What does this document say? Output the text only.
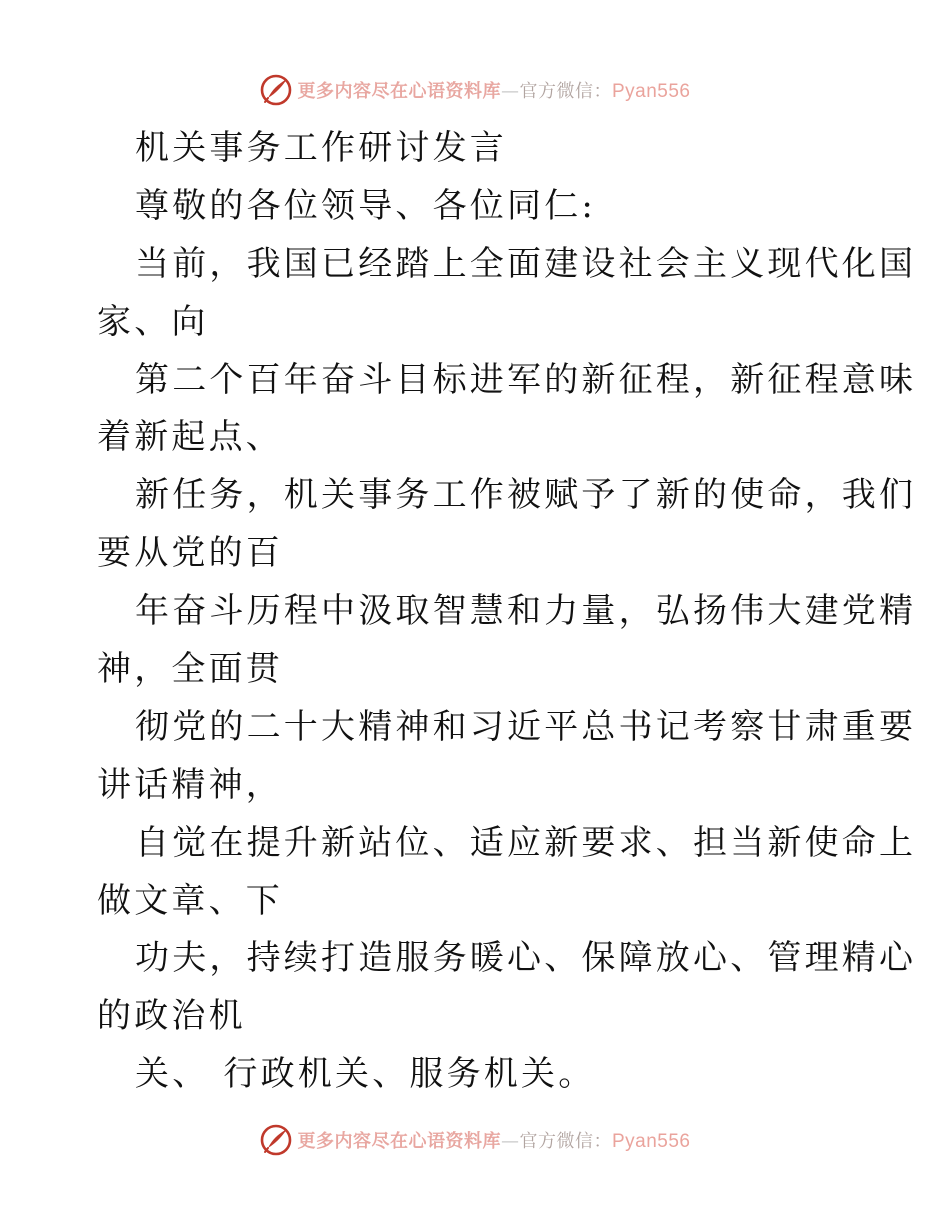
更多内容尽在心语资料库 — 官方微信： Pyan556
机关事务工作研讨发言
尊敬的各位领导、各位同仁:
当前，我国已经踏上全面建设社会主义现代化国
家、向
第二个百年奋斗目标进军的新征程，新征程意味
着新起点、
新任务，机关事务工作被赋予了新的使命，我们
要从党的百
年奋斗历程中汲取智慧和力量，弘扬伟大建党精
神，全面贯
彻党的二十大精神和习近平总书记考察甘肃重要
讲话精神，
自觉在提升新站位、适应新要求、担当新使命上
做文章、下
功夫，持续打造服务暖心、保障放心、管理精心
的政治机
关、 行政机关、服务机关。
更多内容尽在心语资料库 — 官方微信： Pyan556
